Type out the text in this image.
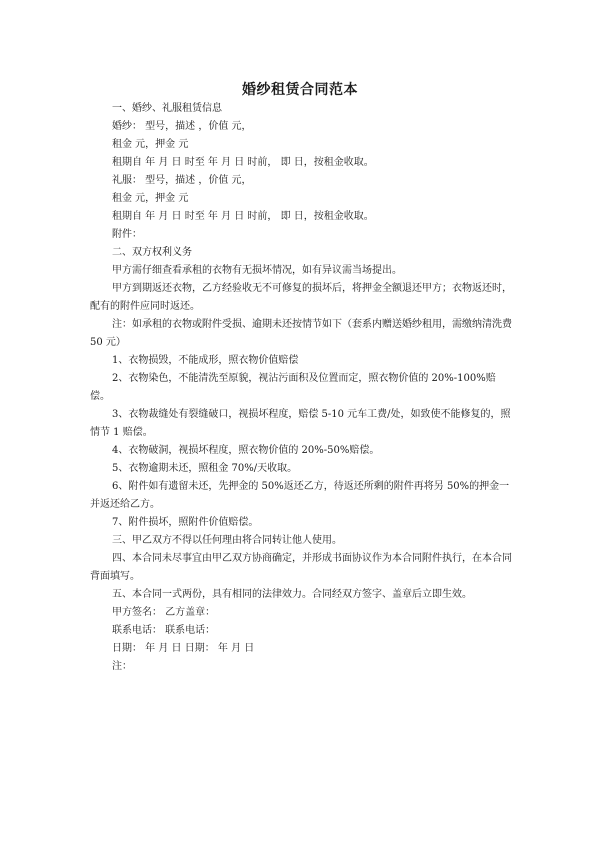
婚纱租赁合同范本
一、婚纱、礼服租赁信息
婚纱： 型号，描述 ，价值 元，
租金 元，押金 元
租期自 年 月 日 时至 年 月 日 时前， 即 日，按租金收取。
礼服： 型号，描述 ，价值 元，
租金 元，押金 元
租期自 年 月 日 时至 年 月 日 时前， 即 日，按租金收取。
附件：
二、双方权利义务
甲方需仔细查看承租的衣物有无损坏情况，如有异议需当场提出。
甲方到期返还衣物，乙方经验收无不可修复的损坏后，将押金全额退还甲方；衣物返还时，配有的附件应同时返还。
注：如承租的衣物或附件受损、逾期未还按情节如下（套系内赠送婚纱租用，需缴纳清洗费 50 元）
1、衣物损毁，不能成形，照衣物价值赔偿
2、衣物染色，不能清洗至原貌，视沾污面积及位置而定，照衣物价值的 20%-100%赔偿。
3、衣物裁缝处有裂缝破口，视损坏程度，赔偿 5-10 元车工费/处，如致使不能修复的，照情节 1 赔偿。
4、衣物破洞，视损坏程度，照衣物价值的 20%-50%赔偿。
5、衣物逾期未还，照租金 70%/天收取。
6、附件如有遗留未还，先押金的 50%返还乙方，待返还所剩的附件再将另 50%的押金一并返还给乙方。
7、附件损坏，照附件价值赔偿。
三、甲乙双方不得以任何理由将合同转让他人使用。
四、本合同未尽事宜由甲乙双方协商确定，并形成书面协议作为本合同附件执行，在本合同背面填写。
五、本合同一式两份，具有相同的法律效力。合同经双方签字、盖章后立即生效。
甲方签名： 乙方盖章：
联系电话： 联系电话：
日期： 年 月 日 日期： 年 月 日
注：
